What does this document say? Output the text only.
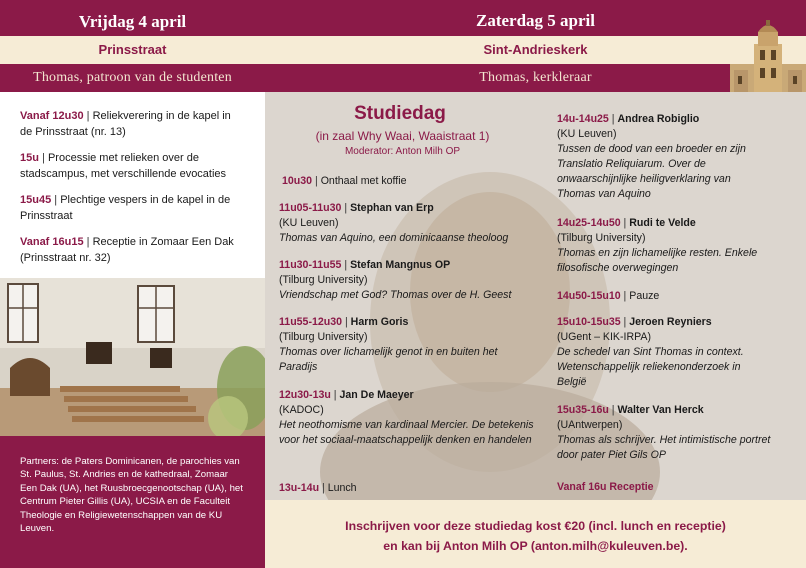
Vrijdag 4 april
Prinsstraat
Thomas, patroon van de studenten
Zaterdag 5 april
Sint-Andrieskerk
Thomas, kerkleraar
Vanaf 12u30 | Reliekverering in de kapel in de Prinsstraat (nr. 13)
15u | Processie met relieken over de stadscampus, met verschillende evocaties
15u45 | Plechtige vespers in de kapel in de Prinsstraat
Vanaf 16u15 | Receptie in Zomaar Een Dak (Prinsstraat nr. 32)
Partners: de Paters Dominicanen, de parochies van St. Paulus, St. Andries en de kathedraal, Zomaar Een Dak (UA), het Ruusbroecgenootschap (UA), het Centrum Pieter Gillis (UA), UCSIA en de Faculteit Theologie en Religiewetenschappen van de KU Leuven.
Studiedag
(in zaal Why Waai, Waaistraat 1)
Moderator: Anton Milh OP
10u30 | Onthaal met koffie
11u05-11u30 | Stephan van Erp
(KU Leuven)
Thomas van Aquino, een dominicaanse theoloog
11u30-11u55 | Stefan Mangnus OP
(Tilburg University)
Vriendschap met God? Thomas over de H. Geest
11u55-12u30 | Harm Goris
(Tilburg University)
Thomas over lichamelijk genot in en buiten het Paradijs
12u30-13u | Jan De Maeyer
(KADOC)
Het neothomisme van kardinaal Mercier. De betekenis voor het sociaal-maatschappelijk denken en handelen
13u-14u | Lunch
14u-14u25 | Andrea Robiglio
(KU Leuven)
Tussen de dood van een broeder en zijn Translatio Reliquiarum. Over de onwaarschijnlijke heiligverklaring van Thomas van Aquino
14u25-14u50 | Rudi te Velde
(Tilburg University)
Thomas en zijn lichamelijke resten. Enkele filosofische overwegingen
14u50-15u10 | Pauze
15u10-15u35 | Jeroen Reyniers
(UGent – KIK-IRPA)
De schedel van Sint Thomas in context. Wetenschappelijk reliekenonderzoek in België
15u35-16u | Walter Van Herck
(UAntwerpen)
Thomas als schrijver. Het intimistische portret door pater Piet Gils OP
Vanaf 16u Receptie
Inschrijven voor deze studiedag kost €20 (incl. lunch en receptie)
en kan bij Anton Milh OP (anton.milh@kuleuven.be).
